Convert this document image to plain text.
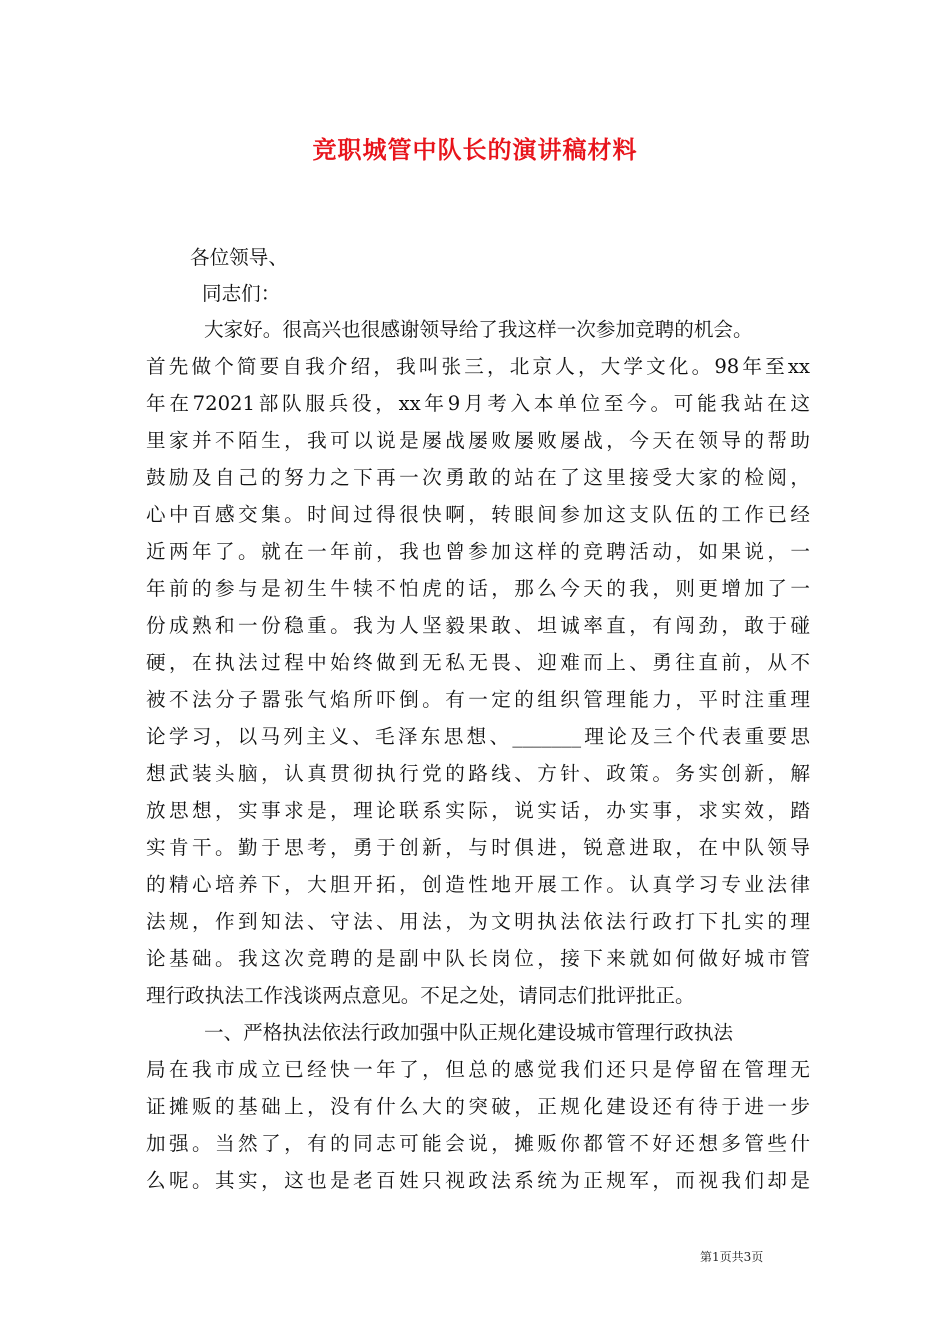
竞职城管中队长的演讲稿材料
各位领导、
同志们：
大家好。很高兴也很感谢领导给了我这样一次参加竞聘的机会。
首先做个简要自我介绍，我叫张三，北京人，大学文化。98年至xx
年在72021部队服兵役，xx年9月考入本单位至今。可能我站在这
里家并不陌生，我可以说是屡战屡败屡败屡战，今天在领导的帮助
鼓励及自己的努力之下再一次勇敢的站在了这里接受大家的检阅，
心中百感交集。时间过得很快啊，转眼间参加这支队伍的工作已经
近两年了。就在一年前，我也曾参加这样的竞聘活动，如果说，一
年前的参与是初生牛犊不怕虎的话，那么今天的我，则更增加了一
份成熟和一份稳重。我为人坚毅果敢、坦诚率直，有闯劲，敢于碰
硬，在执法过程中始终做到无私无畏、迎难而上、勇往直前，从不
被不法分子嚣张气焰所吓倒。有一定的组织管理能力，平时注重理
论学习，以马列主义、毛泽东思想、_______理论及三个代表重要思
想武装头脑，认真贯彻执行党的路线、方针、政策。务实创新，解
放思想，实事求是，理论联系实际，说实话，办实事，求实效，踏
实肯干。勤于思考，勇于创新，与时俱进，锐意进取，在中队领导
的精心培养下，大胆开拓，创造性地开展工作。认真学习专业法律
法规，作到知法、守法、用法，为文明执法依法行政打下扎实的理
论基础。我这次竞聘的是副中队长岗位，接下来就如何做好城市管
理行政执法工作浅谈两点意见。不足之处，请同志们批评批正。
一、严格执法依法行政加强中队正规化建设城市管理行政执法
局在我市成立已经快一年了，但总的感觉我们还只是停留在管理无
证摊贩的基础上，没有什么大的突破，正规化建设还有待于进一步
加强。当然了，有的同志可能会说，摊贩你都管不好还想多管些什
么呢。其实，这也是老百姓只视政法系统为正规军，而视我们却是
第1页共3页
